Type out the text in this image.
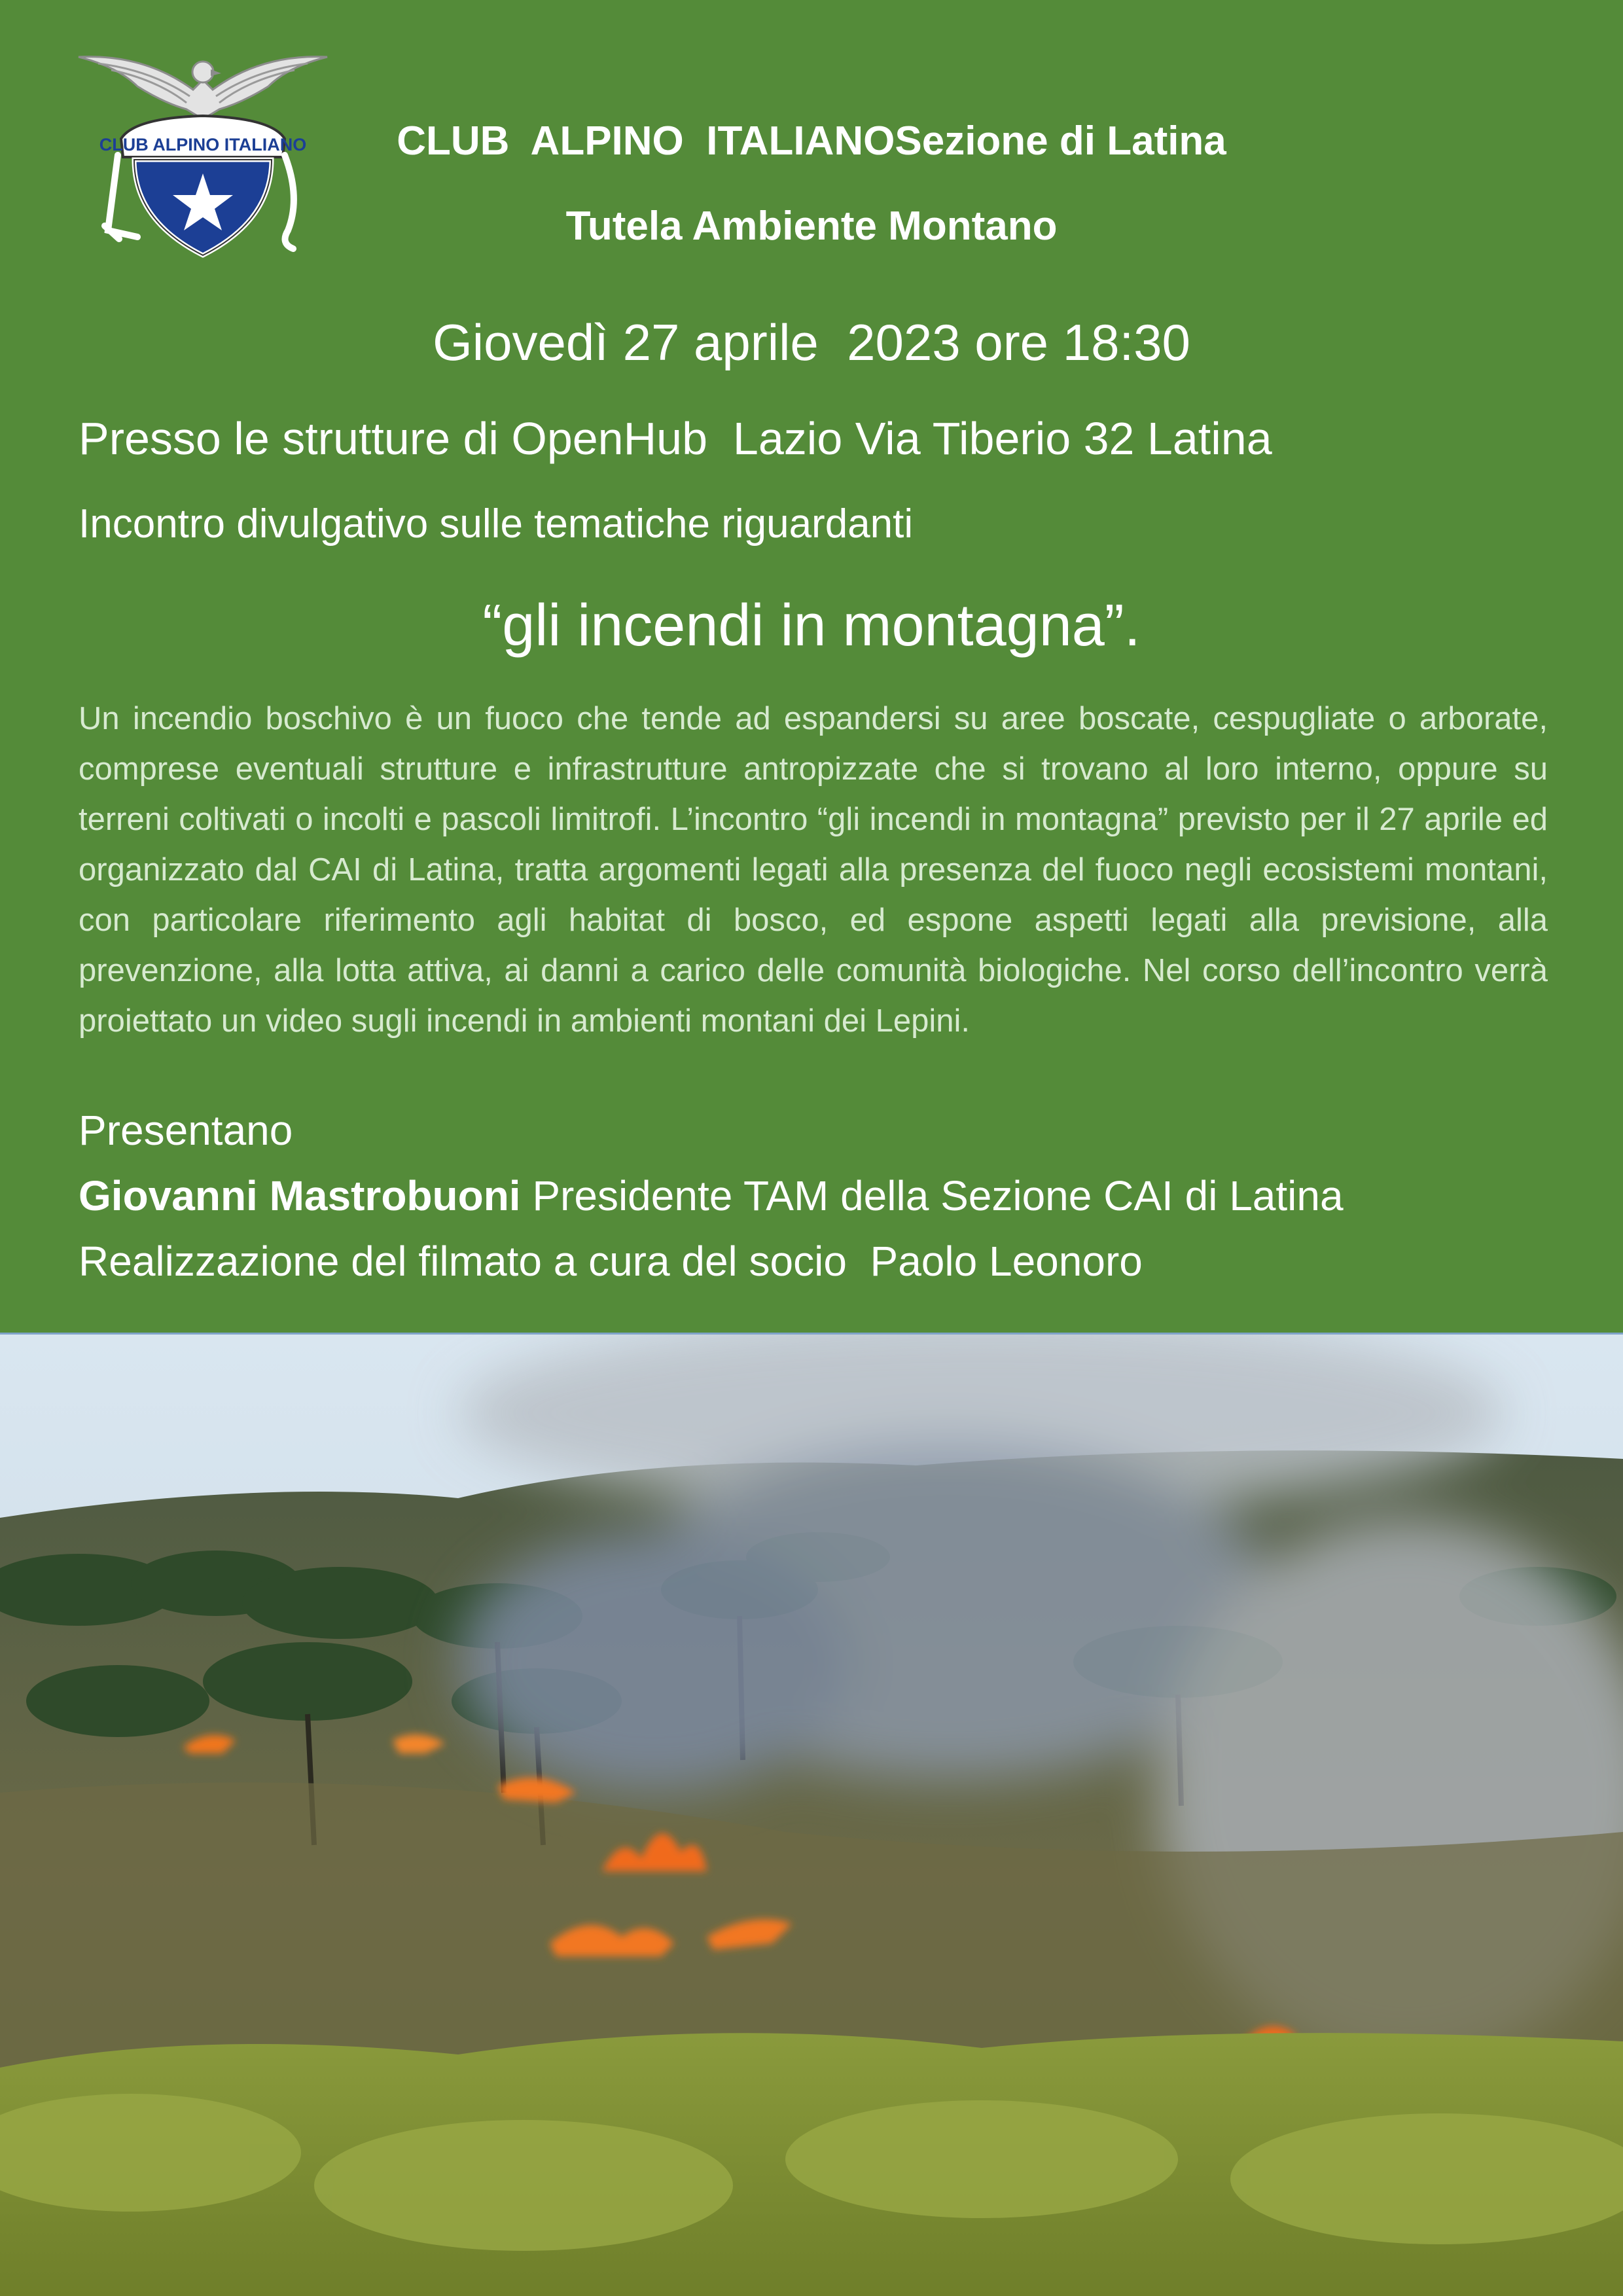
CLUB ALPINO ITALIANO	CLUB  ALPINO  ITALIANOSezione di Latina
Tutela Ambiente Montano
Giovedì 27 aprile  2023 ore 18:30
Presso le strutture di OpenHub  Lazio Via Tiberio 32 Latina
Incontro divulgativo sulle tematiche riguardanti
“gli incendi in montagna”.
Un incendio boschivo è un fuoco che tende ad espandersi su aree boscate, cespugliate o arborate, comprese eventuali strutture e infrastrutture antropizzate che si trovano al loro interno, oppure su terreni coltivati o incolti e pascoli limitrofi. L’incontro “gli incendi in montagna” previsto per il 27 aprile ed organizzato dal CAI di Latina, tratta argomenti legati alla presenza del fuoco negli ecosistemi montani, con particolare riferimento agli habitat di bosco, ed espone aspetti legati alla previsione, alla prevenzione, alla lotta attiva, ai danni a carico delle comunità biologiche. Nel corso dell’incontro verrà proiettato un video sugli incendi in ambienti montani dei Lepini.
Presentano
Giovanni Mastrobuoni Presidente TAM della Sezione CAI di Latina
Realizzazione del filmato a cura del socio  Paolo Leonoro
